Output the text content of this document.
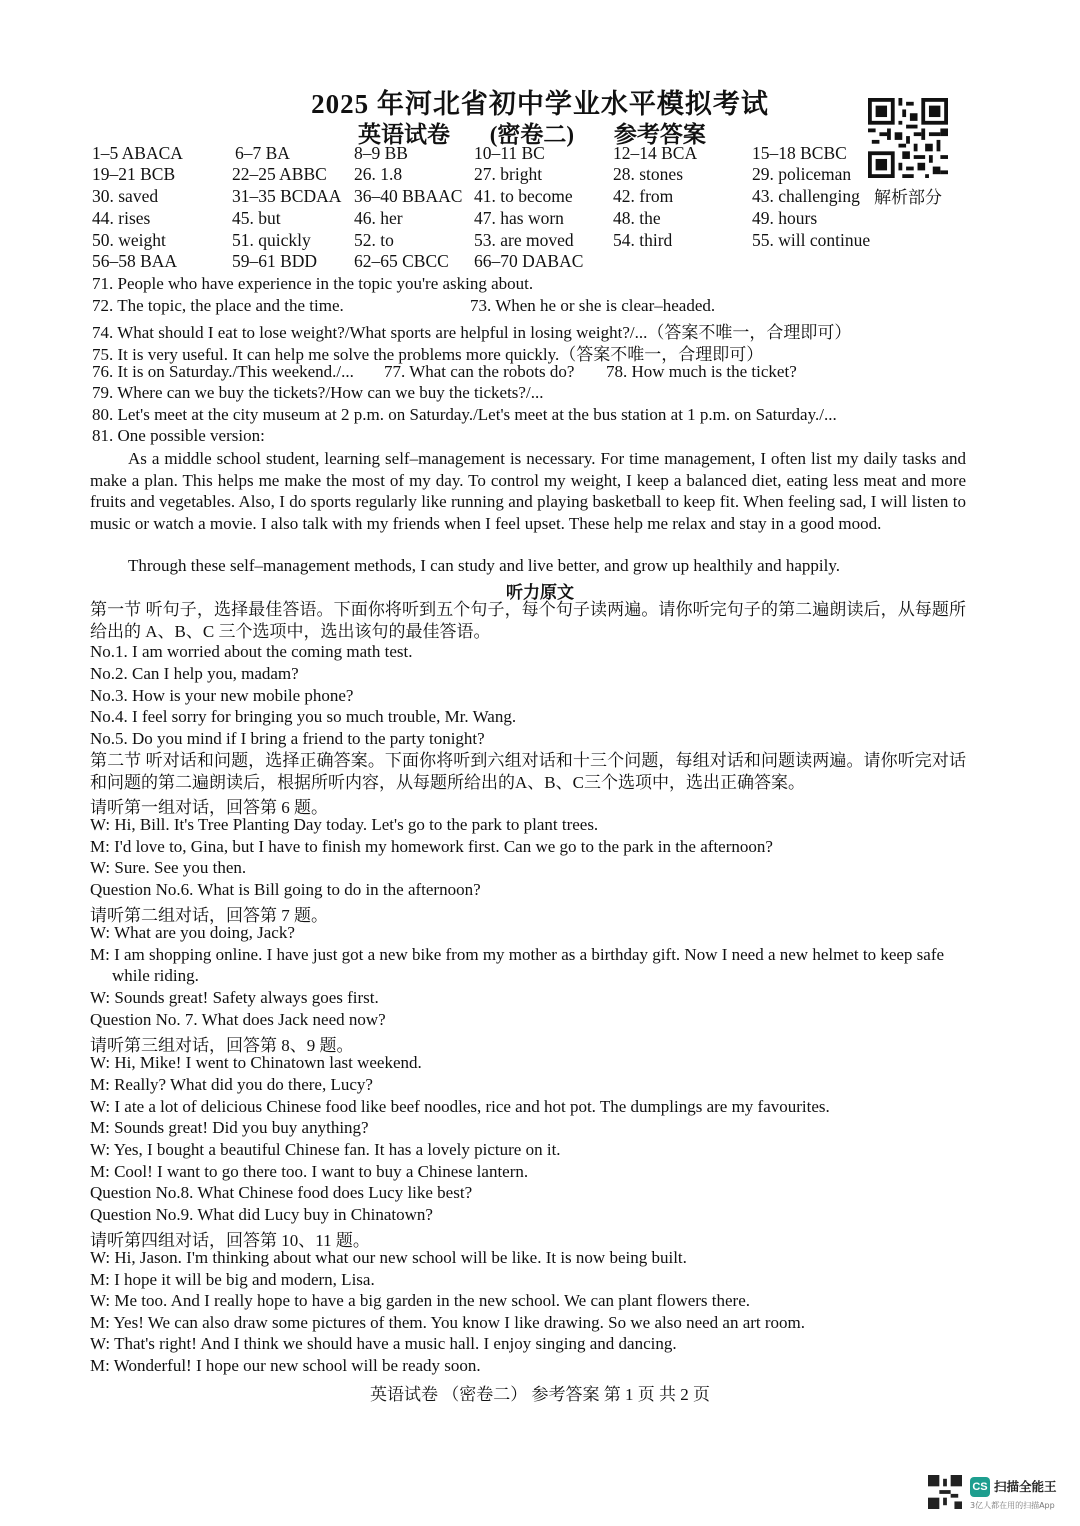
2025 年河北省初中学业水平模拟考试
英语试卷 (密卷二) 参考答案
解析部分
1–5 ABACA	6–7 BA	8–9 BB	10–11 BC	12–14 BCA	15–18 BCBC
19–21 BCB	22–25 ABBC 26. 1.8	27. bright	28. stones	29. policeman
30. saved	31–35 BCDAA 36–40 BBAAC 41. to become 42. from	43. challenging
44. rises	45. but	46. her	47. has worn	48. the	49. hours
50. weight	51. quickly 52. to	53. are moved 54. third	55. will continue
56–58 BAA	59–61 BDD 62–65 CBCC 66–70 DABAC
71. People who have experience in the topic you're asking about.
72. The topic, the place and the time.	73. When he or she is clear–headed.
74. What should I eat to lose weight?/What sports are helpful in losing weight?/...（答案不唯一，合理即可）
75. It is very useful. It can help me solve the problems more quickly.（答案不唯一，合理即可）
76. It is on Saturday./This weekend./... 77. What can the robots do? 78. How much is the ticket?
79. Where can we buy the tickets?/How can we buy the tickets?/...
80. Let's meet at the city museum at 2 p.m. on Saturday./Let's meet at the bus station at 1 p.m. on Saturday./...
81. One possible version:
As a middle school student, learning self–management is necessary. For time management, I often list my daily tasks and make a plan. This helps me make the most of my day. To control my weight, I keep a balanced diet, eating less meat and more fruits and vegetables. Also, I do sports regularly like running and playing basketball to keep fit. When feeling sad, I will listen to music or watch a movie. I also talk with my friends when I feel upset. These help me relax and stay in a good mood.
Through these self–management methods, I can study and live better, and grow up healthily and happily.
听力原文
第一节 听句子，选择最佳答语。下面你将听到五个句子，每个句子读两遍。请你听完句子的第二遍朗读后，从每题所给出的 A、B、C 三个选项中，选出该句的最佳答语。
No.1. I am worried about the coming math test.
No.2. Can I help you, madam?
No.3. How is your new mobile phone?
No.4. I feel sorry for bringing you so much trouble, Mr. Wang.
No.5. Do you mind if I bring a friend to the party tonight?
第二节 听对话和问题，选择正确答案。下面你将听到六组对话和十三个问题，每组对话和问题读两遍。请你听完对话和问题的第二遍朗读后，根据所听内容，从每题所给出的A、B、C三个选项中，选出正确答案。
请听第一组对话，回答第 6 题。
W: Hi, Bill. It's Tree Planting Day today. Let's go to the park to plant trees.
M: I'd love to, Gina, but I have to finish my homework first. Can we go to the park in the afternoon?
W: Sure. See you then.
Question No.6. What is Bill going to do in the afternoon?
请听第二组对话，回答第 7 题。
W: What are you doing, Jack?
M: I am shopping online. I have just got a new bike from my mother as a birthday gift. Now I need a new helmet to keep safe
while riding.
W: Sounds great! Safety always goes first.
Question No. 7. What does Jack need now?
请听第三组对话，回答第 8、9 题。
W: Hi, Mike! I went to Chinatown last weekend.
M: Really? What did you do there, Lucy?
W: I ate a lot of delicious Chinese food like beef noodles, rice and hot pot. The dumplings are my favourites.
M: Sounds great! Did you buy anything?
W: Yes, I bought a beautiful Chinese fan. It has a lovely picture on it.
M: Cool! I want to go there too. I want to buy a Chinese lantern.
Question No.8. What Chinese food does Lucy like best?
Question No.9. What did Lucy buy in Chinatown?
请听第四组对话，回答第 10、11 题。
W: Hi, Jason. I'm thinking about what our new school will be like. It is now being built.
M: I hope it will be big and modern, Lisa.
W: Me too. And I really hope to have a big garden in the new school. We can plant flowers there.
M: Yes! We can also draw some pictures of them. You know I like drawing. So we also need an art room.
W: That's right! And I think we should have a music hall. I enjoy singing and dancing.
M: Wonderful! I hope our new school will be ready soon.
英语试卷 （密卷二） 参考答案 第 1 页 共 2 页
CS 扫描全能王
3亿人都在用的扫描App
